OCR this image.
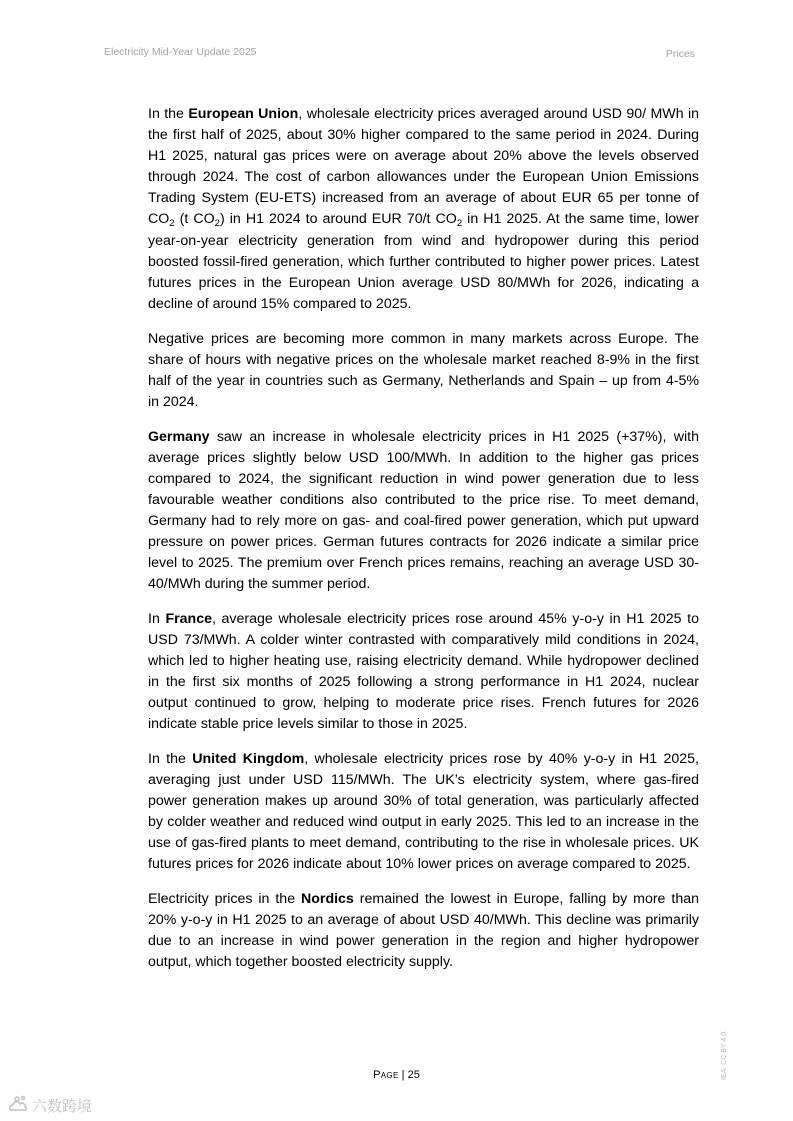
Electricity Mid-Year Update 2025	Prices

In the European Union, wholesale electricity prices averaged around USD 90/ MWh in the first half of 2025, about 30% higher compared to the same period in 2024. During H1 2025, natural gas prices were on average about 20% above the levels observed through 2024. The cost of carbon allowances under the European Union Emissions Trading System (EU-ETS) increased from an average of about EUR 65 per tonne of $CO_2$ (t $CO_2$) in H1 2024 to around EUR 70/t $CO_2$ in H1 2025. At the same time, lower year-on-year electricity generation from wind and hydropower during this period boosted fossil-fired generation, which further contributed to higher power prices. Latest futures prices in the European Union average USD 80/MWh for 2026, indicating a decline of around 15% compared to 2025.

Negative prices are becoming more common in many markets across Europe. The share of hours with negative prices on the wholesale market reached 8-9% in the first half of the year in countries such as Germany, Netherlands and Spain – up from 4-5% in 2024.

Germany saw an increase in wholesale electricity prices in H1 2025 (+37%), with average prices slightly below USD 100/MWh. In addition to the higher gas prices compared to 2024, the significant reduction in wind power generation due to less favourable weather conditions also contributed to the price rise. To meet demand, Germany had to rely more on gas- and coal-fired power generation, which put upward pressure on power prices. German futures contracts for 2026 indicate a similar price level to 2025. The premium over French prices remains, reaching an average USD 30-40/MWh during the summer period.

In France, average wholesale electricity prices rose around 45% y-o-y in H1 2025 to USD 73/MWh. A colder winter contrasted with comparatively mild conditions in 2024, which led to higher heating use, raising electricity demand. While hydropower declined in the first six months of 2025 following a strong performance in H1 2024, nuclear output continued to grow, helping to moderate price rises. French futures for 2026 indicate stable price levels similar to those in 2025.

In the United Kingdom, wholesale electricity prices rose by 40% y-o-y in H1 2025, averaging just under USD 115/MWh. The UK’s electricity system, where gas-fired power generation makes up around 30% of total generation, was particularly affected by colder weather and reduced wind output in early 2025. This led to an increase in the use of gas-fired plants to meet demand, contributing to the rise in wholesale prices. UK futures prices for 2026 indicate about 10% lower prices on average compared to 2025.

Electricity prices in the Nordics remained the lowest in Europe, falling by more than 20% y-o-y in H1 2025 to an average of about USD 40/MWh. This decline was primarily due to an increase in wind power generation in the region and higher hydropower output, which together boosted electricity supply.

Page | 25	IEA. CC BY 4.0.
六数跨境
